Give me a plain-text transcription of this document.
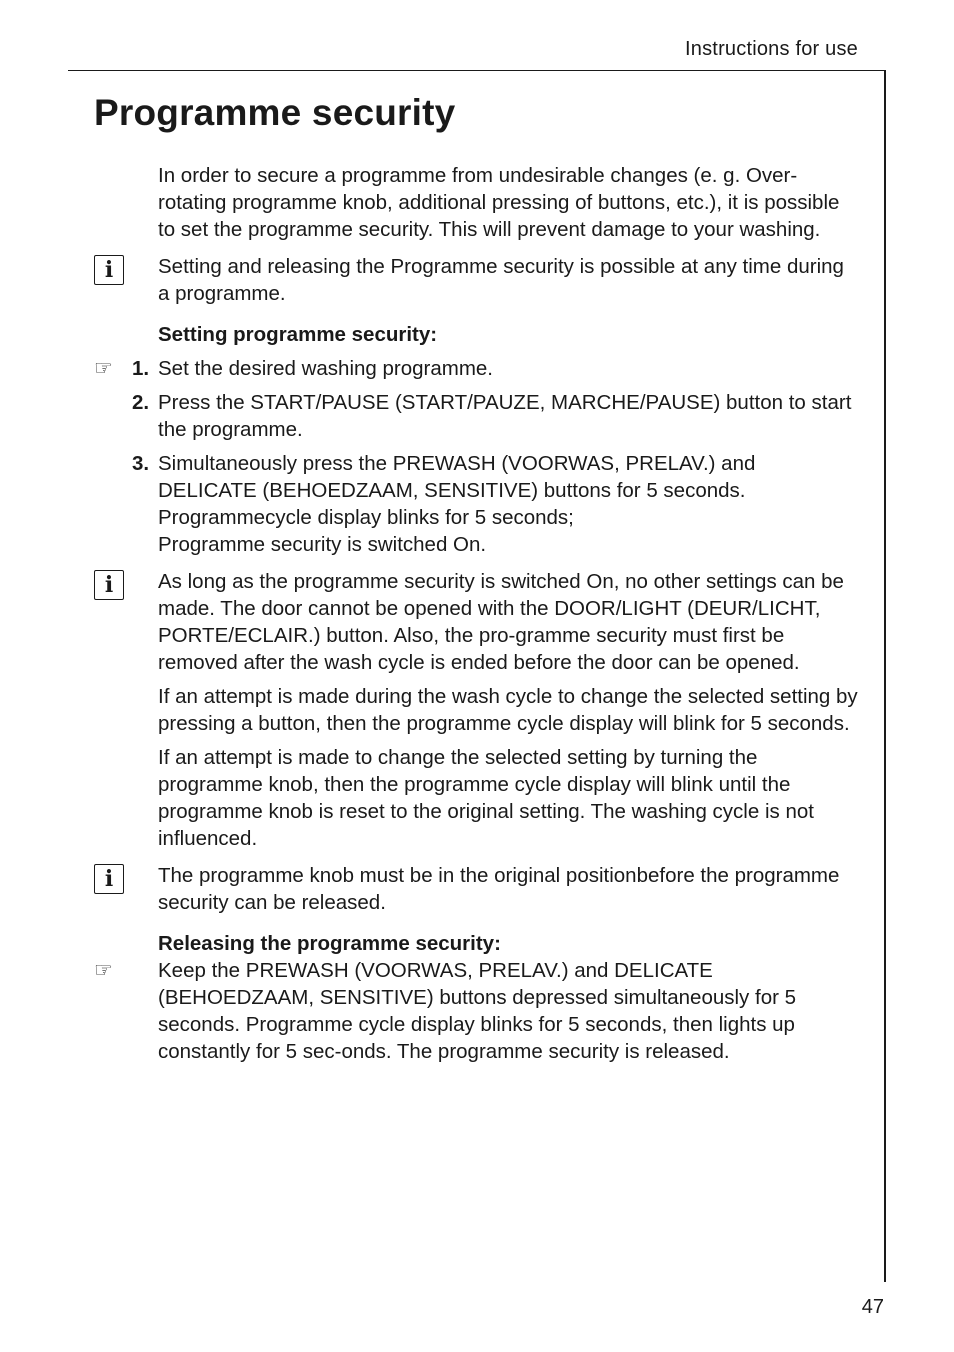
Instructions for use
Programme security

In order to secure a programme from undesirable changes (e. g. Over-rotating programme knob, additional pressing of buttons, etc.), it is possible to set the programme security. This will prevent damage to your washing.

i	Setting and releasing the Programme security is possible at any time during a programme.

Setting programme security:

☞ 1. Set the desired washing programme.
2. Press the START/PAUSE (START/PAUZE, MARCHE/PAUSE) button to start the programme.
3. Simultaneously press the PREWASH (VOORWAS, PRELAV.) and DELICATE (BEHOEDZAAM, SENSITIVE) buttons for 5 seconds. Programmecycle display blinks for 5 seconds;
Programme security is switched On.
i	As long as the programme security is switched On, no other settings can be made. The door cannot be opened with the DOOR/LIGHT (DEUR/LICHT, PORTE/ECLAIR.) button. Also, the pro-gramme security must first be removed after the wash cycle is ended before the door can be opened.

If an attempt is made during the wash cycle to change the selected setting by pressing a button, then the programme cycle display will blink for 5 seconds.

If an attempt is made to change the selected setting by turning the programme knob, then the programme cycle display will blink until the programme knob is reset to the original setting. The washing cycle is not influenced.

i	The programme knob must be in the original positionbefore the programme security can be released.

Releasing the programme security:

☞ Keep the PREWASH (VOORWAS, PRELAV.) and DELICATE (BEHOEDZAAM, SENSITIVE) buttons depressed simultaneously for 5 seconds. Programme cycle display blinks for 5 seconds, then lights up constantly for 5 sec-onds. The programme security is released.
47
